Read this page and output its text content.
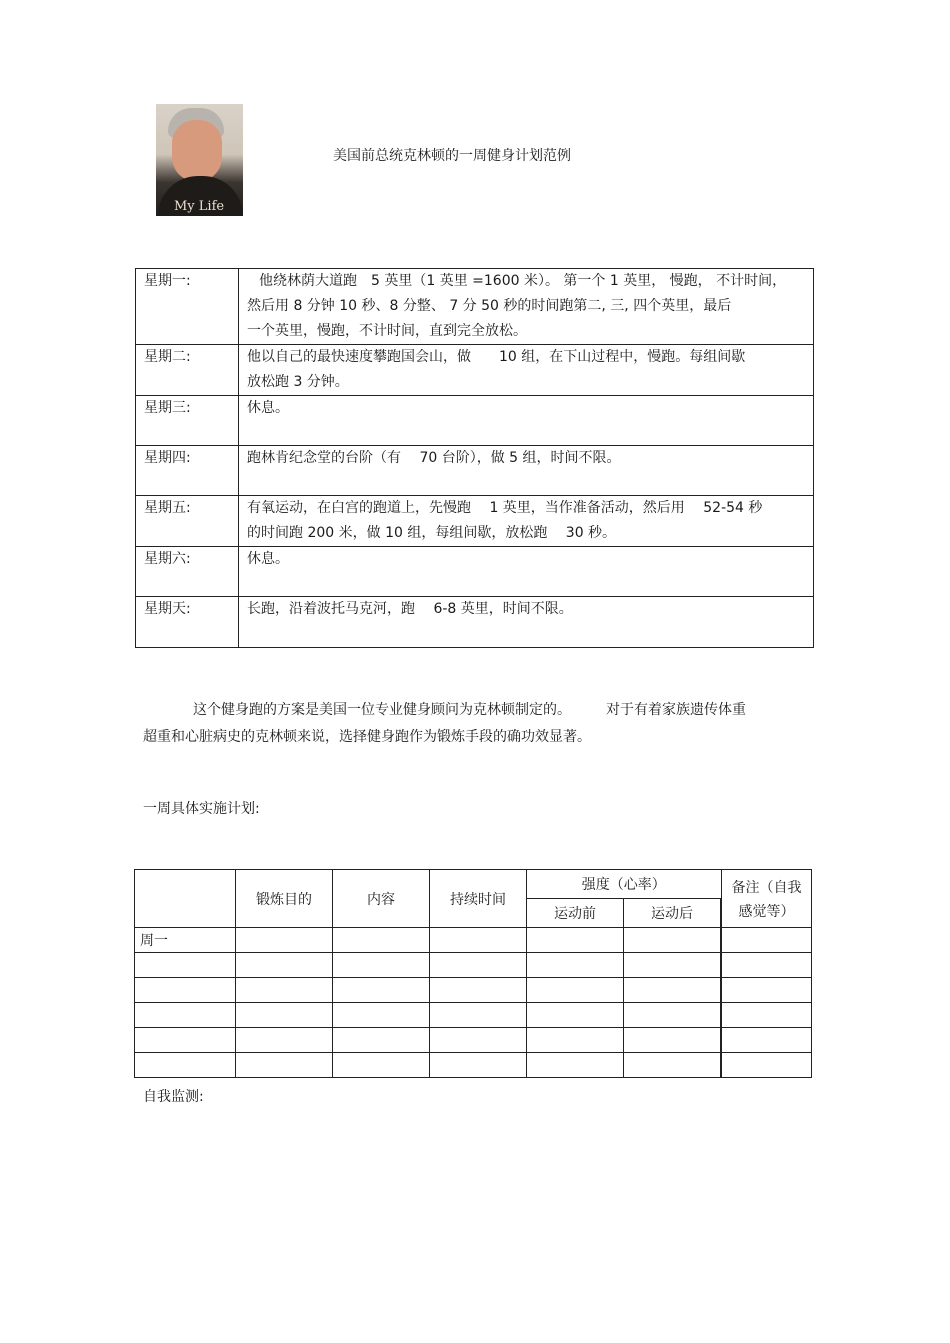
My Life
美国前总统克林顿的一周健身计划范例
星期一:	他绕林荫大道跑　5 英里（1 英里 =1600 米）。 第一个 1 英里， 慢跑， 不计时间，
然后用 8 分钟 10 秒、8 分整、 7 分 50 秒的时间跑第二, 三, 四个英里，最后
一个英里，慢跑，不计时间，直到完全放松。

星期二:	他以自己的最快速度攀跑国会山，做　　10 组，在下山过程中，慢跑。每组间歇
放松跑 3 分钟。

星期三:	休息。

星期四:	跑林肯纪念堂的台阶（有　 70 台阶），做 5 组，时间不限。

星期五:	有氧运动，在白宫的跑道上，先慢跑　 1 英里，当作准备活动，然后用　 52-54 秒
的时间跑 200 米，做 10 组，每组间歇，放松跑　 30 秒。

星期六:	休息。

星期天:	长跑，沿着波托马克河，跑　 6-8 英里，时间不限。
这个健身跑的方案是美国一位专业健身顾问为克林顿制定的。　　　对于有着家族遗传体重
超重和心脏病史的克林顿来说，选择健身跑作为锻炼手段的确功效显著。
一周具体实施计划:
	锻炼目的	内容	持续时间	强度（心率）		备注（自我
感觉等）

				运动前	运动后	
周一						

自我监测:
